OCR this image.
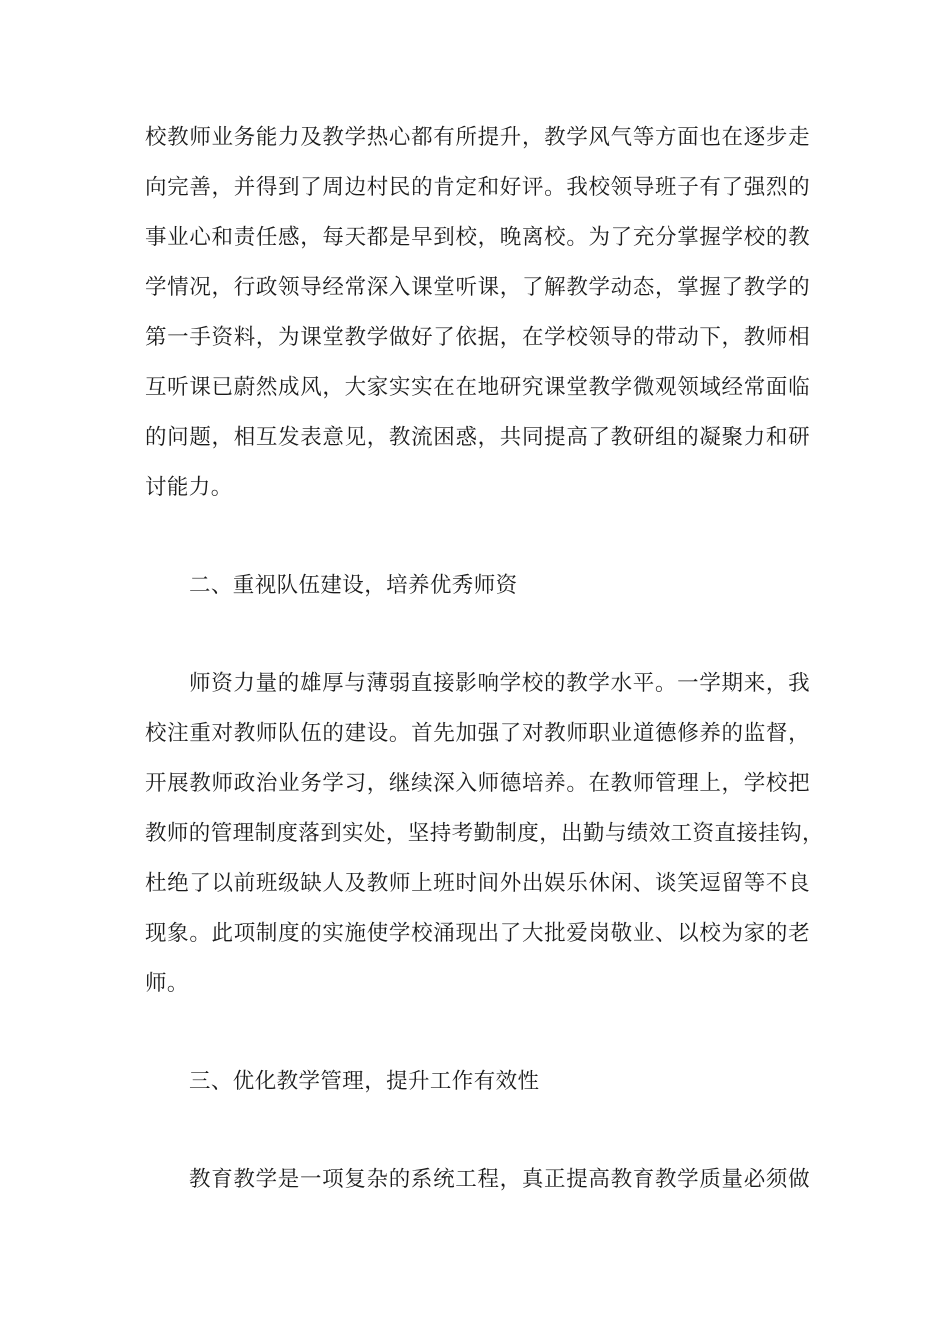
校教师业务能力及教学热心都有所提升，教学风气等方面也在逐步走
向完善，并得到了周边村民的肯定和好评。我校领导班子有了强烈的
事业心和责任感，每天都是早到校，晚离校。为了充分掌握学校的教
学情况，行政领导经常深入课堂听课，了解教学动态，掌握了教学的
第一手资料，为课堂教学做好了依据，在学校领导的带动下，教师相
互听课已蔚然成风，大家实实在在地研究课堂教学微观领域经常面临
的问题，相互发表意见，教流困惑，共同提高了教研组的凝聚力和研
讨能力。
二、重视队伍建设，培养优秀师资
师资力量的雄厚与薄弱直接影响学校的教学水平。一学期来，我
校注重对教师队伍的建设。首先加强了对教师职业道德修养的监督，
开展教师政治业务学习，继续深入师德培养。在教师管理上，学校把
教师的管理制度落到实处，坚持考勤制度，出勤与绩效工资直接挂钩，
杜绝了以前班级缺人及教师上班时间外出娱乐休闲、谈笑逗留等不良
现象。此项制度的实施使学校涌现出了大批爱岗敬业、以校为家的老
师。
三、优化教学管理，提升工作有效性
教育教学是一项复杂的系统工程，真正提高教育教学质量必须做
